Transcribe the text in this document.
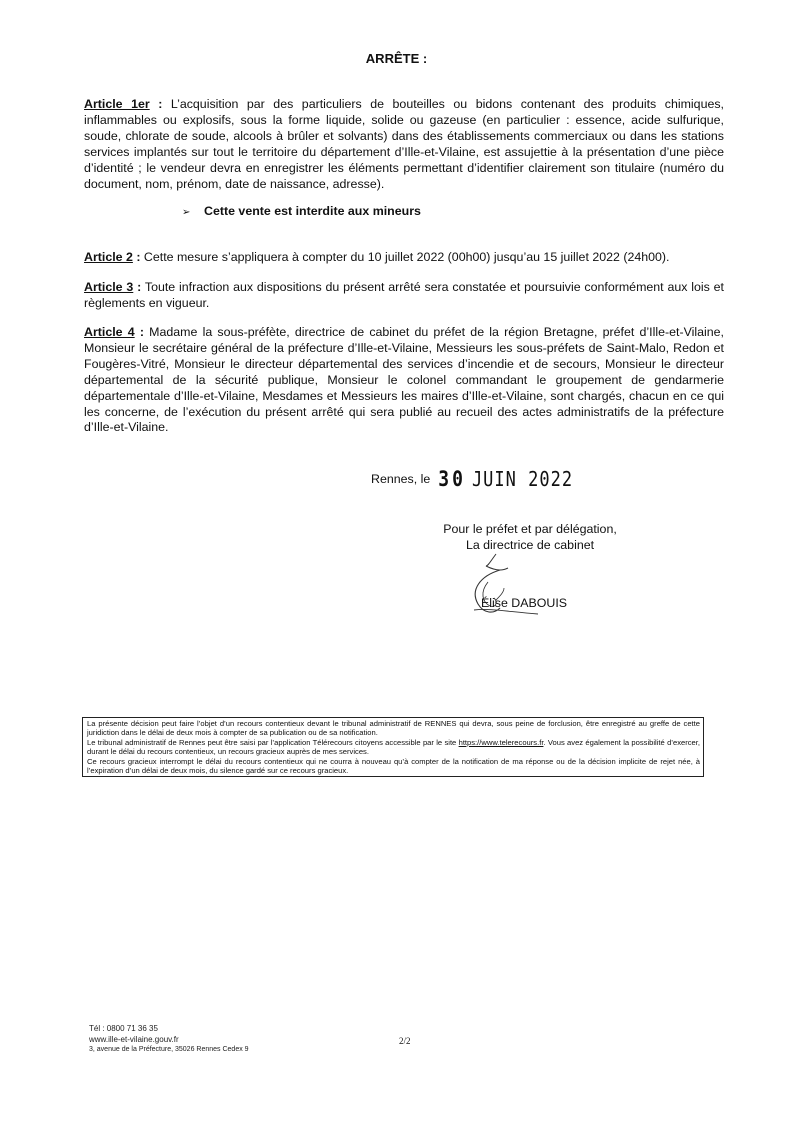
ARRÊTE :
Article 1er : L’acquisition par des particuliers de bouteilles ou bidons contenant des produits chimiques, inflammables ou explosifs, sous la forme liquide, solide ou gazeuse (en particulier : essence, acide sulfurique, soude, chlorate de soude, alcools à brûler et solvants) dans des établissements commerciaux ou dans les stations services implantés sur tout le territoire du département d’Ille-et-Vilaine, est assujettie à la présentation d’une pièce d’identité ; le vendeur devra en enregistrer les éléments permettant d’identifier clairement son titulaire (numéro du document, nom, prénom, date de naissance, adresse).
➢ Cette vente est interdite aux mineurs
Article 2 : Cette mesure s’appliquera à compter du 10 juillet 2022 (00h00) jusqu’au 15 juillet 2022 (24h00).
Article 3 : Toute infraction aux dispositions du présent arrêté sera constatée et poursuivie conformément aux lois et règlements en vigueur.
Article 4 : Madame la sous-préfète, directrice de cabinet du préfet de la région Bretagne, préfet d’Ille-et-Vilaine, Monsieur le secrétaire général de la préfecture d’Ille-et-Vilaine, Messieurs les sous-préfets de Saint-Malo, Redon et Fougères-Vitré, Monsieur le directeur départemental des services d’incendie et de secours, Monsieur le directeur départemental de la sécurité publique, Monsieur le colonel commandant le groupement de gendarmerie départementale d’Ille-et-Vilaine, Mesdames et Messieurs les maires d’Ille-et-Vilaine, sont chargés, chacun en ce qui les concerne, de l’exécution du présent arrêté qui sera publié au recueil des actes administratifs de la préfecture d’Ille-et-Vilaine.
Rennes, le 30 JUIN 2022
Pour le préfet et par délégation,
La directrice de cabinet
Élise DABOUIS

La présente décision peut faire l’objet d’un recours contentieux devant le tribunal administratif de RENNES qui devra, sous peine de forclusion, être enregistré au greffe de cette juridiction dans le délai de deux mois à compter de sa publication ou de sa notification.

Le tribunal administratif de Rennes peut être saisi par l’application Télérecours citoyens accessible par le site https://www.telerecours.fr. Vous avez également la possibilité d’exercer, durant le délai du recours contentieux, un recours gracieux auprès de mes services.

Ce recours gracieux interrompt le délai du recours contentieux qui ne courra à nouveau qu’à compter de la notification de ma réponse ou de la décision implicite de rejet née, à l’expiration d’un délai de deux mois, du silence gardé sur ce recours gracieux.

Tél : 0800 71 36 35
www.ille-et-vilaine.gouv.fr
3, avenue de la Préfecture, 35026 Rennes Cedex 9
2/2
